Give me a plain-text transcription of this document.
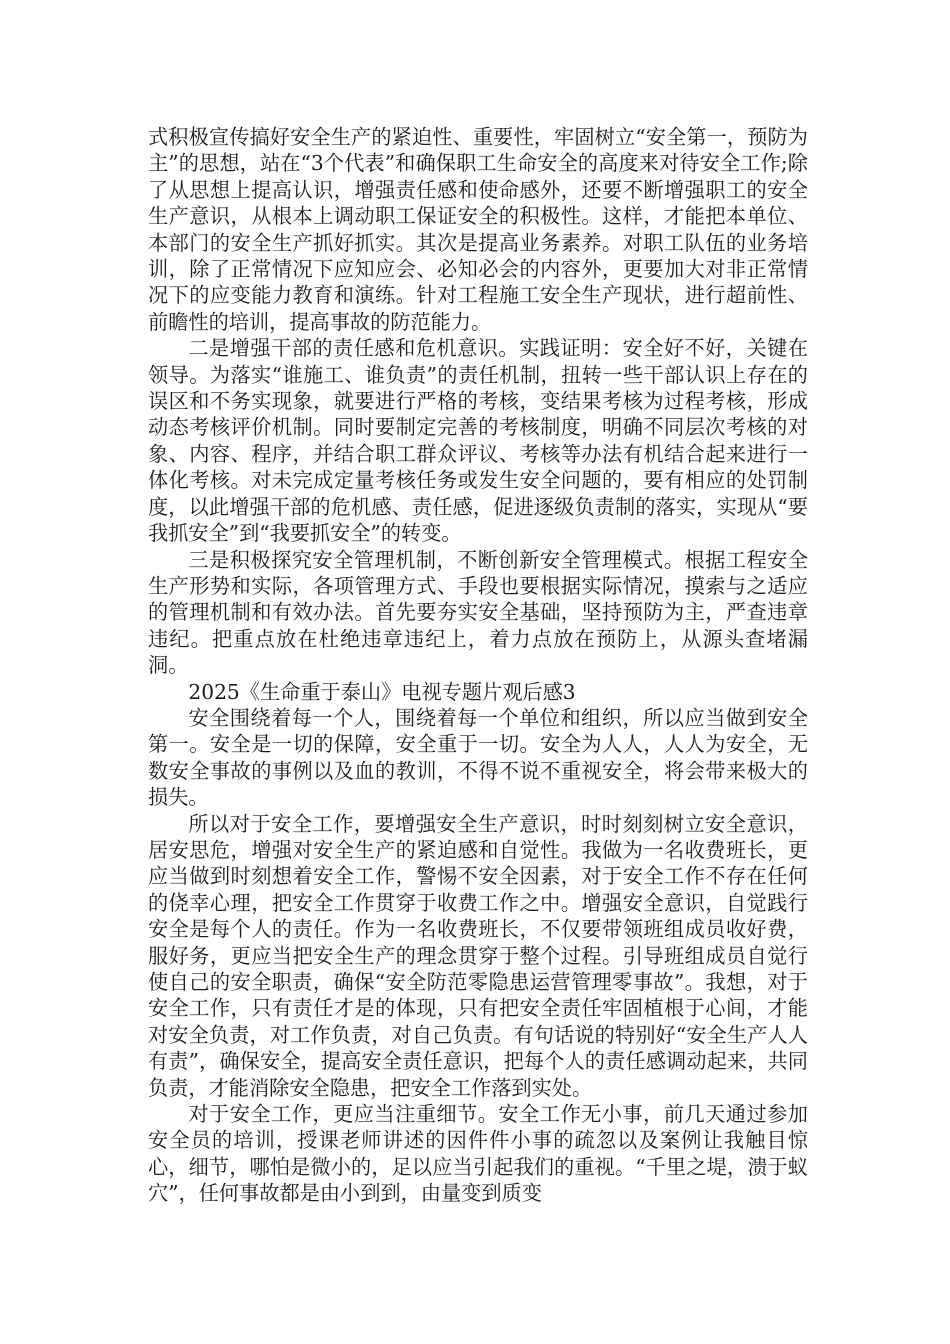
式积极宣传搞好安全生产的紧迫性、重要性，牢固树立“安全第一，预防为主”的思想，站在“3个代表”和确保职工生命安全的高度来对待安全工作;除了从思想上提高认识，增强责任感和使命感外，还要不断增强职工的安全生产意识，从根本上调动职工保证安全的积极性。这样，才能把本单位、本部门的安全生产抓好抓实。其次是提高业务素养。对职工队伍的业务培训，除了正常情况下应知应会、必知必会的内容外，更要加大对非正常情况下的应变能力教育和演练。针对工程施工安全生产现状，进行超前性、前瞻性的培训，提高事故的防范能力。

二是增强干部的责任感和危机意识。实践证明：安全好不好，关键在领导。为落实“谁施工、谁负责”的责任机制，扭转一些干部认识上存在的误区和不务实现象，就要进行严格的考核，变结果考核为过程考核，形成动态考核评价机制。同时要制定完善的考核制度，明确不同层次考核的对象、内容、程序，并结合职工群众评议、考核等办法有机结合起来进行一体化考核。对未完成定量考核任务或发生安全问题的，要有相应的处罚制度，以此增强干部的危机感、责任感，促进逐级负责制的落实，实现从“要我抓安全”到“我要抓安全”的转变。

三是积极探究安全管理机制，不断创新安全管理模式。根据工程安全生产形势和实际，各项管理方式、手段也要根据实际情况，摸索与之适应的管理机制和有效办法。首先要夯实安全基础，坚持预防为主，严查违章违纪。把重点放在杜绝违章违纪上，着力点放在预防上，从源头查堵漏洞。

2025《生命重于泰山》电视专题片观后感3

安全围绕着每一个人，围绕着每一个单位和组织，所以应当做到安全第一。安全是一切的保障，安全重于一切。安全为人人，人人为安全，无数安全事故的事例以及血的教训，不得不说不重视安全，将会带来极大的损失。

所以对于安全工作，要增强安全生产意识，时时刻刻树立安全意识，居安思危，增强对安全生产的紧迫感和自觉性。我做为一名收费班长，更应当做到时刻想着安全工作，警惕不安全因素，对于安全工作不存在任何的侥幸心理，把安全工作贯穿于收费工作之中。增强安全意识，自觉践行安全是每个人的责任。作为一名收费班长，不仅要带领班组成员收好费，服好务，更应当把安全生产的理念贯穿于整个过程。引导班组成员自觉行使自己的安全职责，确保“安全防范零隐患运营管理零事故”。我想，对于安全工作，只有责任才是的体现，只有把安全责任牢固植根于心间，才能对安全负责，对工作负责，对自己负责。有句话说的特别好“安全生产人人有责”，确保安全，提高安全责任意识，把每个人的责任感调动起来，共同负责，才能消除安全隐患，把安全工作落到实处。

对于安全工作，更应当注重细节。安全工作无小事，前几天通过参加安全员的培训，授课老师讲述的因件件小事的疏忽以及案例让我触目惊心，细节，哪怕是微小的，足以应当引起我们的重视。“千里之堤，溃于蚁穴”，任何事故都是由小到到，由量变到质变
